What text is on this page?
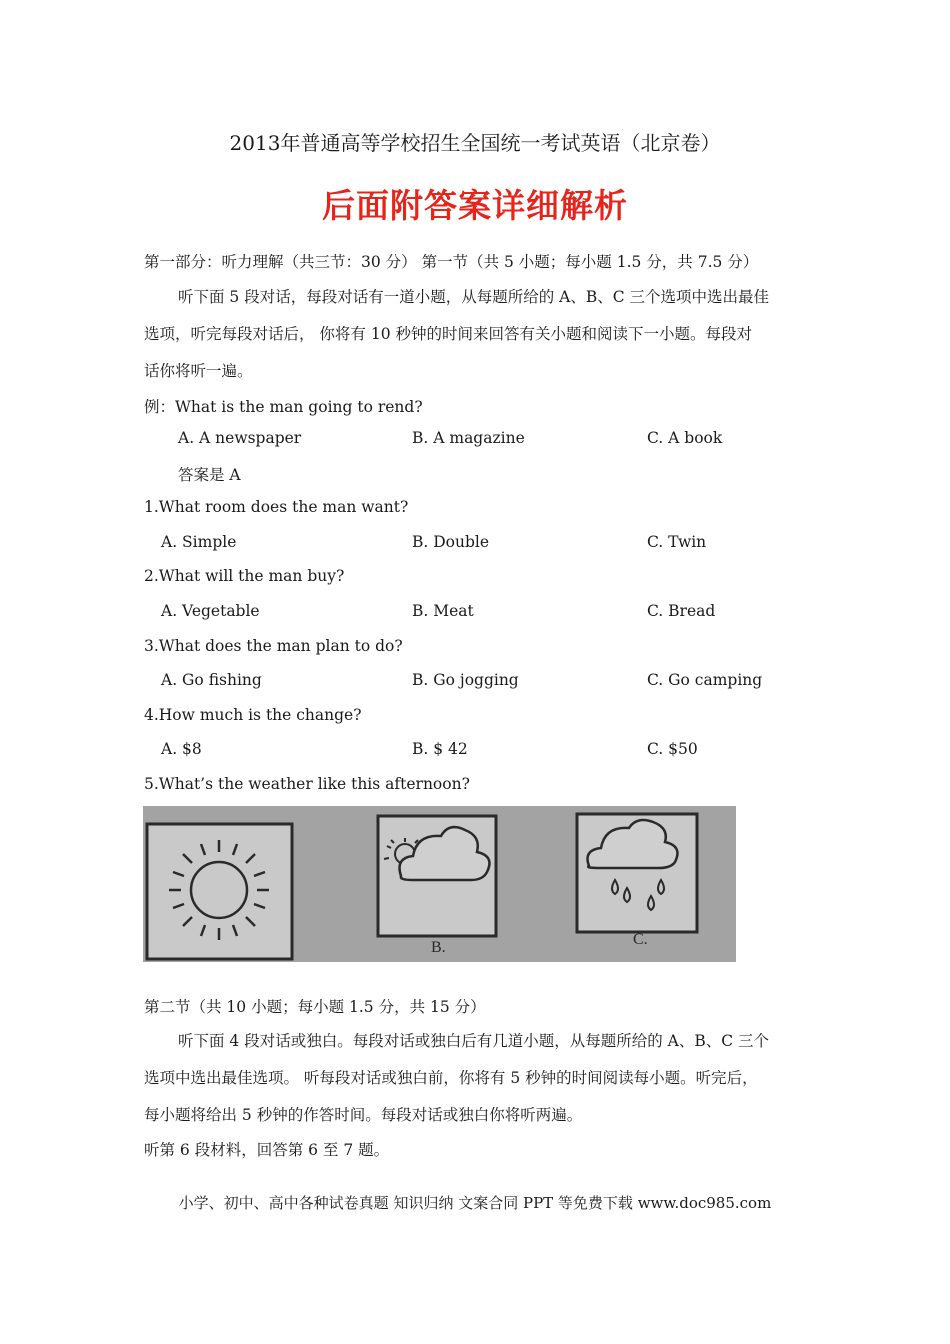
2013年普通高等学校招生全国统一考试英语（北京卷）
后面附答案详细解析
第一部分：听力理解（共三节：30 分） 第一节（共 5 小题；每小题 1.5 分，共 7.5 分）
听下面 5 段对话，每段对话有一道小题，从每题所给的 A、B、C 三个选项中选出最佳
选项，听完每段对话后， 你将有 10 秒钟的时间来回答有关小题和阅读下一小题。每段对
话你将听一遍。
例：What is the man going to rend?
A. A newspaper	B. A magazine	C. A book
答案是 A
1.What room does the man want?
A. Simple	B. Double	C. Twin
2.What will the man buy?
A. Vegetable	B. Meat	C. Bread
3.What does the man plan to do?
A. Go fishing	B. Go jogging	C. Go camping
4.How much is the change?
A. $8	B. $ 42	C. $50
5.What’s the weather like this afternoon?
B.	C.
第二节（共 10 小题；每小题 1.5 分，共 15 分）
听下面 4 段对话或独白。每段对话或独白后有几道小题，从每题所给的 A、B、C 三个
选项中选出最佳选项。 听每段对话或独白前，你将有 5 秒钟的时间阅读每小题。听完后，
每小题将给出 5 秒钟的作答时间。每段对话或独白你将听两遍。
听第 6 段材料，回答第 6 至 7 题。
小学、初中、高中各种试卷真题 知识归纳 文案合同 PPT 等免费下载 www.doc985.com
